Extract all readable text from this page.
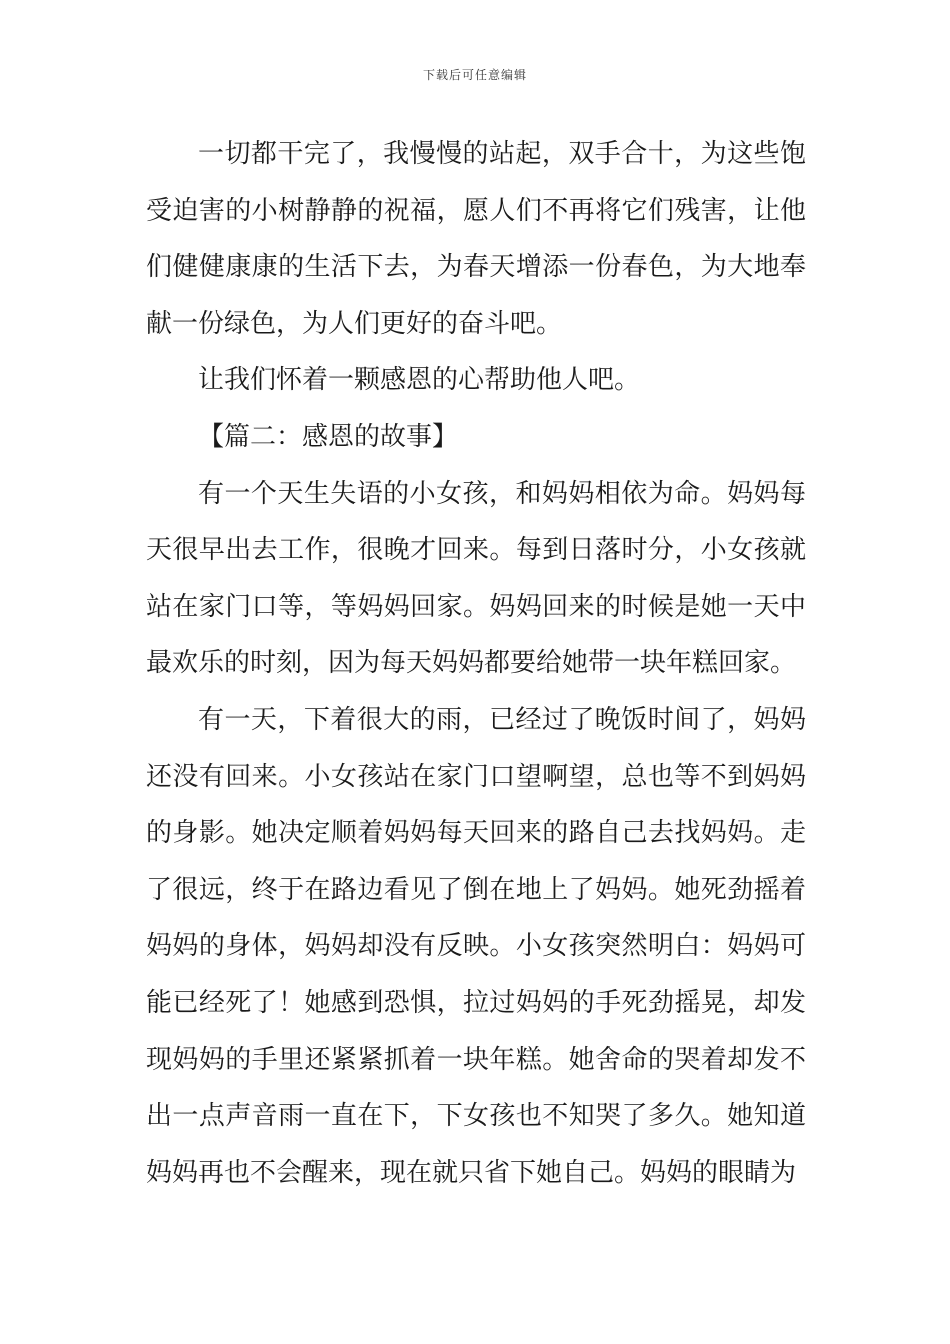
下载后可任意编辑

一切都干完了，我慢慢的站起，双手合十，为这些饱受迫害的小树静静的祝福，愿人们不再将它们残害，让他们健健康康的生活下去，为春天增添一份春色，为大地奉献一份绿色，为人们更好的奋斗吧。

让我们怀着一颗感恩的心帮助他人吧。

【篇二：感恩的故事】

有一个天生失语的小女孩，和妈妈相依为命。妈妈每天很早出去工作，很晚才回来。每到日落时分，小女孩就站在家门口等，等妈妈回家。妈妈回来的时候是她一天中最欢乐的时刻，因为每天妈妈都要给她带一块年糕回家。

有一天，下着很大的雨，已经过了晚饭时间了，妈妈还没有回来。小女孩站在家门口望啊望，总也等不到妈妈的身影。她决定顺着妈妈每天回来的路自己去找妈妈。走了很远，终于在路边看见了倒在地上了妈妈。她死劲摇着妈妈的身体，妈妈却没有反映。小女孩突然明白：妈妈可能已经死了！她感到恐惧，拉过妈妈的手死劲摇晃，却发现妈妈的手里还紧紧抓着一块年糕。她舍命的哭着却发不出一点声音雨一直在下，下女孩也不知哭了多久。她知道妈妈再也不会醒来，现在就只省下她自己。妈妈的眼睛为
